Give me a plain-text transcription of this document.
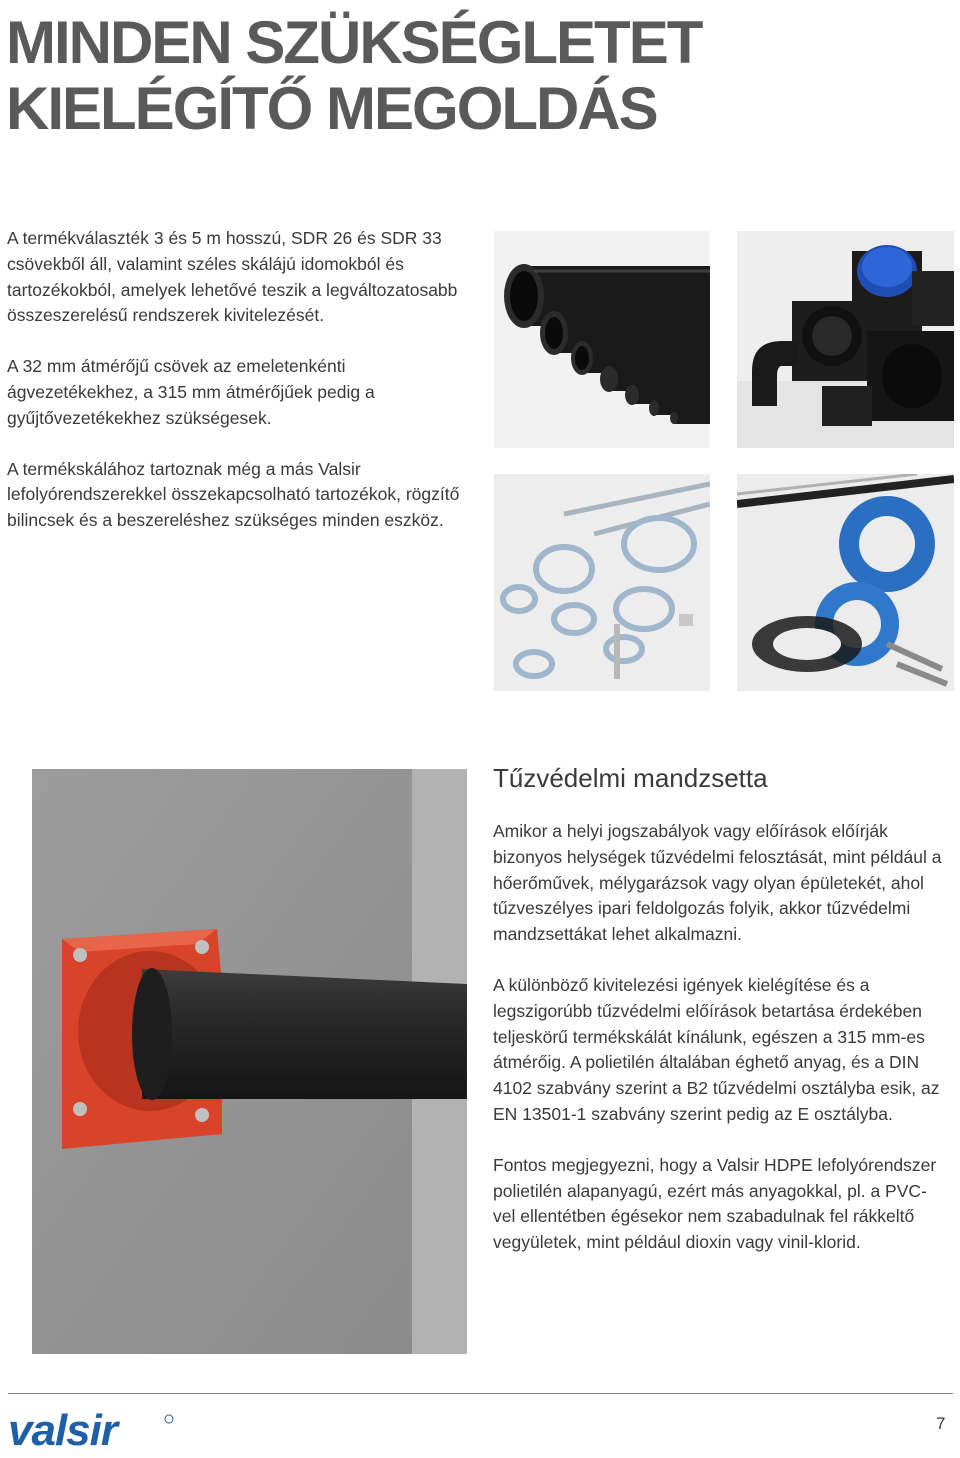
MINDEN SZÜKSÉGLETET
KIELÉGÍTŐ MEGOLDÁS

A termékválaszték 3 és 5 m hosszú, SDR 26 és SDR 33 csövekből áll, valamint széles skálájú idomokból és tartozékokból, amelyek lehetővé teszik a legváltozatosabb összeszerelésű rendszerek kivitelezését.

A 32 mm átmérőjű csövek az emeletenkénti ágvezetékekhez, a 315 mm átmérőjűek pedig a gyűjtővezetékekhez szükségesek.

A termékskálához tartoznak még a más Valsir lefolyórendszerekkel összekapcsolható tartozékok, rögzítő bilincsek és a beszereléshez szükséges minden eszköz.

Tűzvédelmi mandzsetta

Amikor a helyi jogszabályok vagy előírások előírják bizonyos helységek tűzvédelmi felosztását, mint például a hőerőművek, mélygarázsok vagy olyan épületekét, ahol tűzveszélyes ipari feldolgozás folyik, akkor tűzvédelmi mandzsettákat lehet alkalmazni.

A különböző kivitelezési igények kielégítése és a legszigorúbb tűzvédelmi előírások betartása érdekében teljeskörű termékskálát kínálunk, egészen a 315 mm-es átmérőig. A polietilén általában éghető anyag, és a DIN 4102 szabvány szerint a B2 tűzvédelmi osztályba esik, az EN 13501-1 szabvány szerint pedig az E osztályba.

Fontos megjegyezni, hogy a Valsir HDPE lefolyórendszer polietilén alapanyagú, ezért más anyagokkal, pl. a PVC-vel ellentétben égésekor nem szabadulnak fel rákkeltő vegyületek, mint például dioxin vagy vinil-klorid.

valsir	7
